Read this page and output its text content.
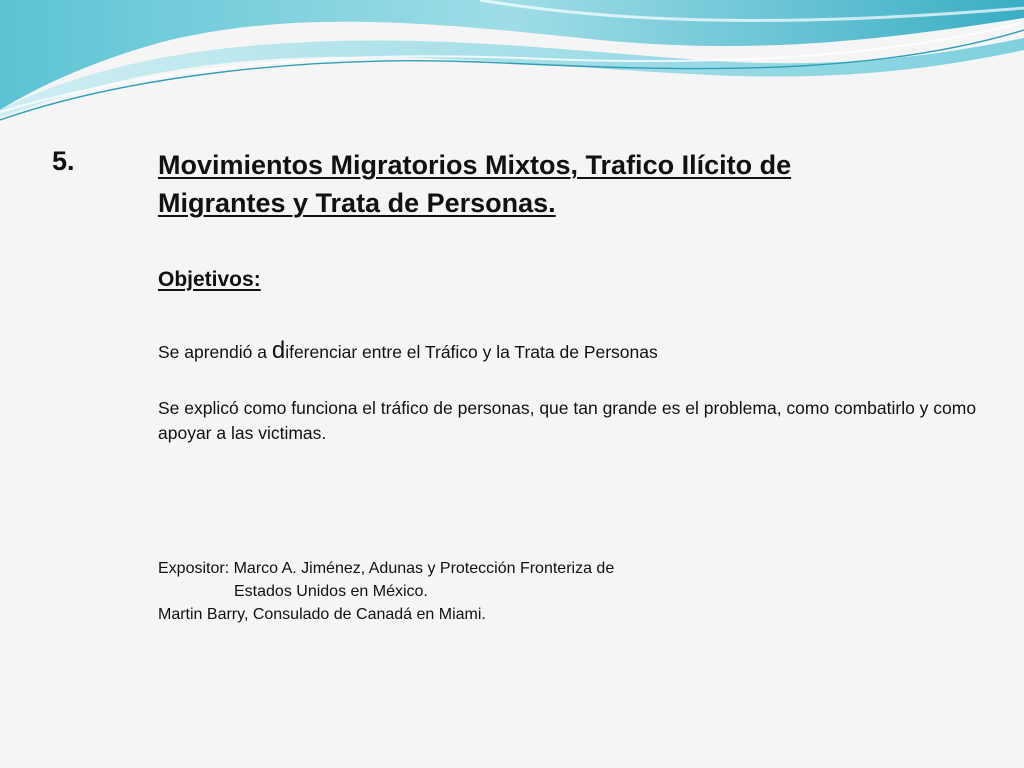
5.	Movimientos Migratorios Mixtos, Trafico Ilícito de Migrantes y Trata de Personas.
Objetivos:
Se aprendió a diferenciar entre el Tráfico y la Trata de Personas
Se explicó como funciona el tráfico de personas, que tan grande es el problema, como combatirlo y como apoyar a las victimas.
Expositor: Marco A. Jiménez, Adunas y Protección Fronteriza de
Estados Unidos en México.
Martin Barry, Consulado de Canadá en Miami.
